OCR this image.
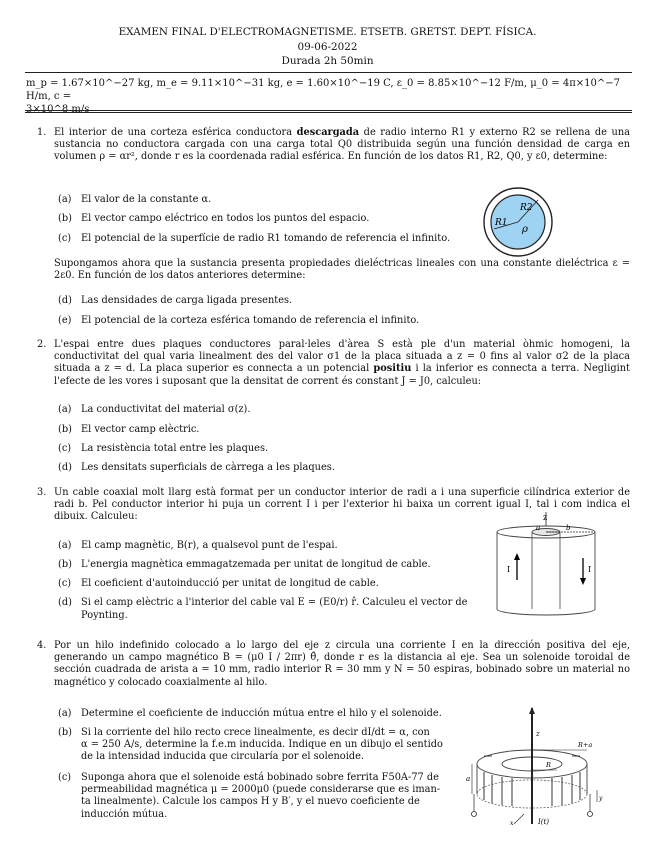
EXAMEN FINAL D'ELECTROMAGNETISME. ETSETB. GRETST. DEPT. FÍSICA.
09-06-2022
Durada 2h 50min
m_p = 1.67×10^−27 kg, m_e = 9.11×10^−31 kg, e = 1.60×10^−19 C, ε_0 = 8.85×10^−12 F/m, μ_0 = 4π×10^−7 H/m, c =
1. El interior de una corteza esférica conductora descargada de radio interno R1 y externo R2 se rellena de una sustancia no conductora cargada con una carga total Q0 distribuida según una función densidad de carga en volumen ρ = αr², donde r es la coordenada radial esférica. En función de los datos R1, R2, Q0, y ε0, determine:
(a) El valor de la constante α.
(b) El vector campo eléctrico en todos los puntos del espacio.
(c) El potencial de la superfície de radio R1 tomando de referencia el infinito.
Supongamos ahora que la sustancia presenta propiedades dieléctricas lineales con una constante dieléctrica ε = 2ε0. En función de los datos anteriores determine:
(d) Las densidades de carga ligada presentes.
(e) El potencial de la corteza esférica tomando de referencia el infinito.
R2
R1
ρ
2. L'espai entre dues plaques conductores paral·leles d'àrea S està ple d'un material òhmic homogeni, la conductivitat del qual varia linealment des del valor σ1 de la placa situada a z = 0 fins al valor σ2 de la placa situada a z = d. La placa superior es connecta a un potencial positiu i la inferior es connecta a terra. Negligint l'efecte de les vores i suposant que la densitat de corrent és constant J = J0, calculeu:
(a) La conductivitat del material σ(z).
(b) El vector camp elèctric.
(c) La resistència total entre les plaques.
(d) Les densitats superficials de càrrega a les plaques.
3. Un cable coaxial molt llarg està format per un conductor interior de radi a i una superficie cilíndrica exterior de radi b. Pel conductor interior hi puja un corrent I i per l'exterior hi baixa un corrent igual I, tal i com indica el dibuix. Calculeu:
(a) El camp magnètic, B(r), a qualsevol punt de l'espai.
(b) L'energia magnètica emmagatzemada per unitat de longitud de cable.
(c) El coeficient d'autoinducció per unitat de longitud de cable.
(d) Si el camp elèctric a l'interior del cable val E = (E0/r) r̂. Calculeu el vector de
Poynting.
z
a	b
I	I
4. Por un hilo indefinido colocado a lo largo del eje z circula una corriente I en la dirección positiva del eje, generando un campo magnético B = (μ0 I / 2πr) θ̂, donde r es la distancia al eje. Sea un solenoide toroidal de sección cuadrada de arista a = 10 mm, radio interior R = 30 mm y N = 50 espiras, bobinado sobre un material no magnético y colocado coaxialmente al hilo.
(a) Determine el coeficiente de inducción mútua entre el hilo y el solenoide.
(b) Si la corriente del hilo recto crece linealmente, es decir dI/dt = α, con
α = 250 A/s, determine la f.e.m inducida. Indique en un dibujo el sentido
de la intensidad inducida que circularía por el solenoide.
(c)	Suponga ahora que el solenoide está bobinado sobre ferrita F50A-77 de
permeabilidad magnética μ = 2000μ0 (puede considerarse que es iman-
ta linealmente). Calcule los campos H y B′, y el nuevo coeficiente de
inducción mútua.
z
R+a
R
a
y
x	I(t)
